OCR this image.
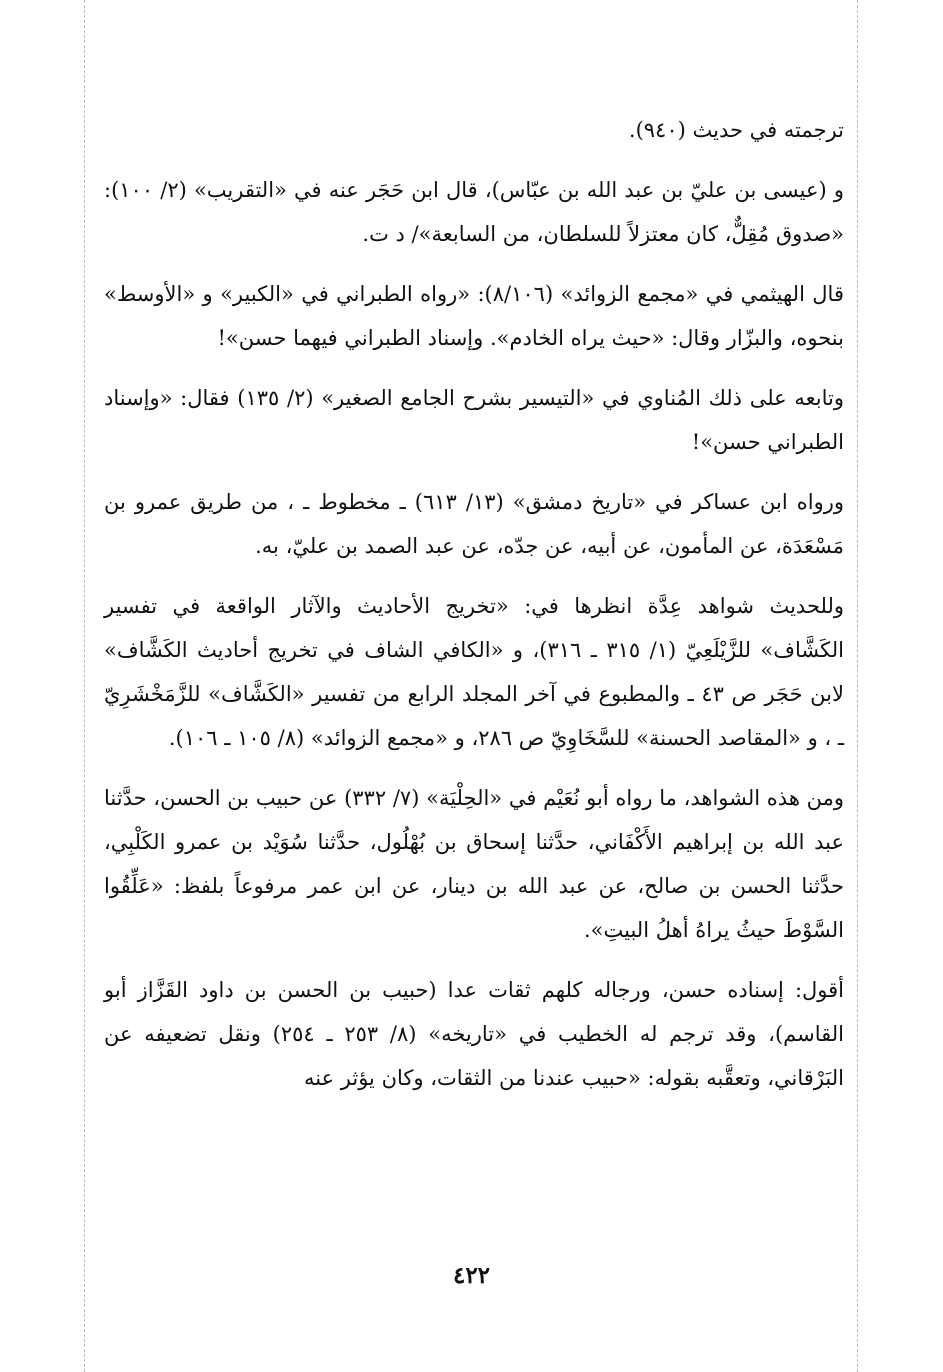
ترجمته في حديث (٩٤٠).

و (عيسى بن عليّ بن عبد الله بن عبّاس)، قال ابن حَجَر عنه في «التقريب» (٢/ ١٠٠): «صدوق مُقِلٌّ، كان معتزلاً للسلطان، من السابعة»/ د ت.

قال الهيثمي في «مجمع الزوائد» (٨/١٠٦): «رواه الطبراني في «الكبير» و «الأوسط» بنحوه، والبزّار وقال: «حيث يراه الخادم». وإسناد الطبراني فيهما حسن»!

وتابعه على ذلك المُناوي في «التيسير بشرح الجامع الصغير» (٢/ ١٣٥) فقال: «وإسناد الطبراني حسن»!

ورواه ابن عساكر في «تاريخ دمشق» (١٣/ ٦١٣) ـ مخطوط ـ ، من طريق عمرو بن مَسْعَدَة، عن المأمون، عن أبيه، عن جدّه، عن عبد الصمد بن عليّ، به.

وللحديث شواهد عِدَّة انظرها في: «تخريج الأحاديث والآثار الواقعة في تفسير الكَشَّاف» للزَّيْلَعِيّ (١/ ٣١٥ ـ ٣١٦)، و «الكافي الشاف في تخريج أحاديث الكَشَّاف» لابن حَجَر ص ٤٣ ـ والمطبوع في آخر المجلد الرابع من تفسير «الكَشَّاف» للزَّمَخْشَرِيّ ـ ، و «المقاصد الحسنة» للسَّخَاوِيّ ص ٢٨٦، و «مجمع الزوائد» (٨/ ١٠٥ ـ ١٠٦).

ومن هذه الشواهد، ما رواه أبو نُعَيْم في «الحِلْيَة» (٧/ ٣٣٢) عن حبيب بن الحسن، حدَّثنا عبد الله بن إبراهيم الأَكْفَاني، حدَّثنا إسحاق بن بُهْلُول، حدَّثنا سُوَيْد بن عمرو الكَلْبِي، حدَّثنا الحسن بن صالح، عن عبد الله بن دينار، عن ابن عمر مرفوعاً بلفظ: «عَلِّقُوا السَّوْطَ حيثُ يراهُ أهلُ البيتِ».

أقول: إسناده حسن، ورجاله كلهم ثقات عدا (حبيب بن الحسن بن داود القَزَّاز أبو القاسم)، وقد ترجم له الخطيب في «تاريخه» (٨/ ٢٥٣ ـ ٢٥٤) ونقل تضعيفه عن البَرْقاني، وتعقَّبه بقوله: «حبيب عندنا من الثقات، وكان يؤثر عنه

٤٢٢
